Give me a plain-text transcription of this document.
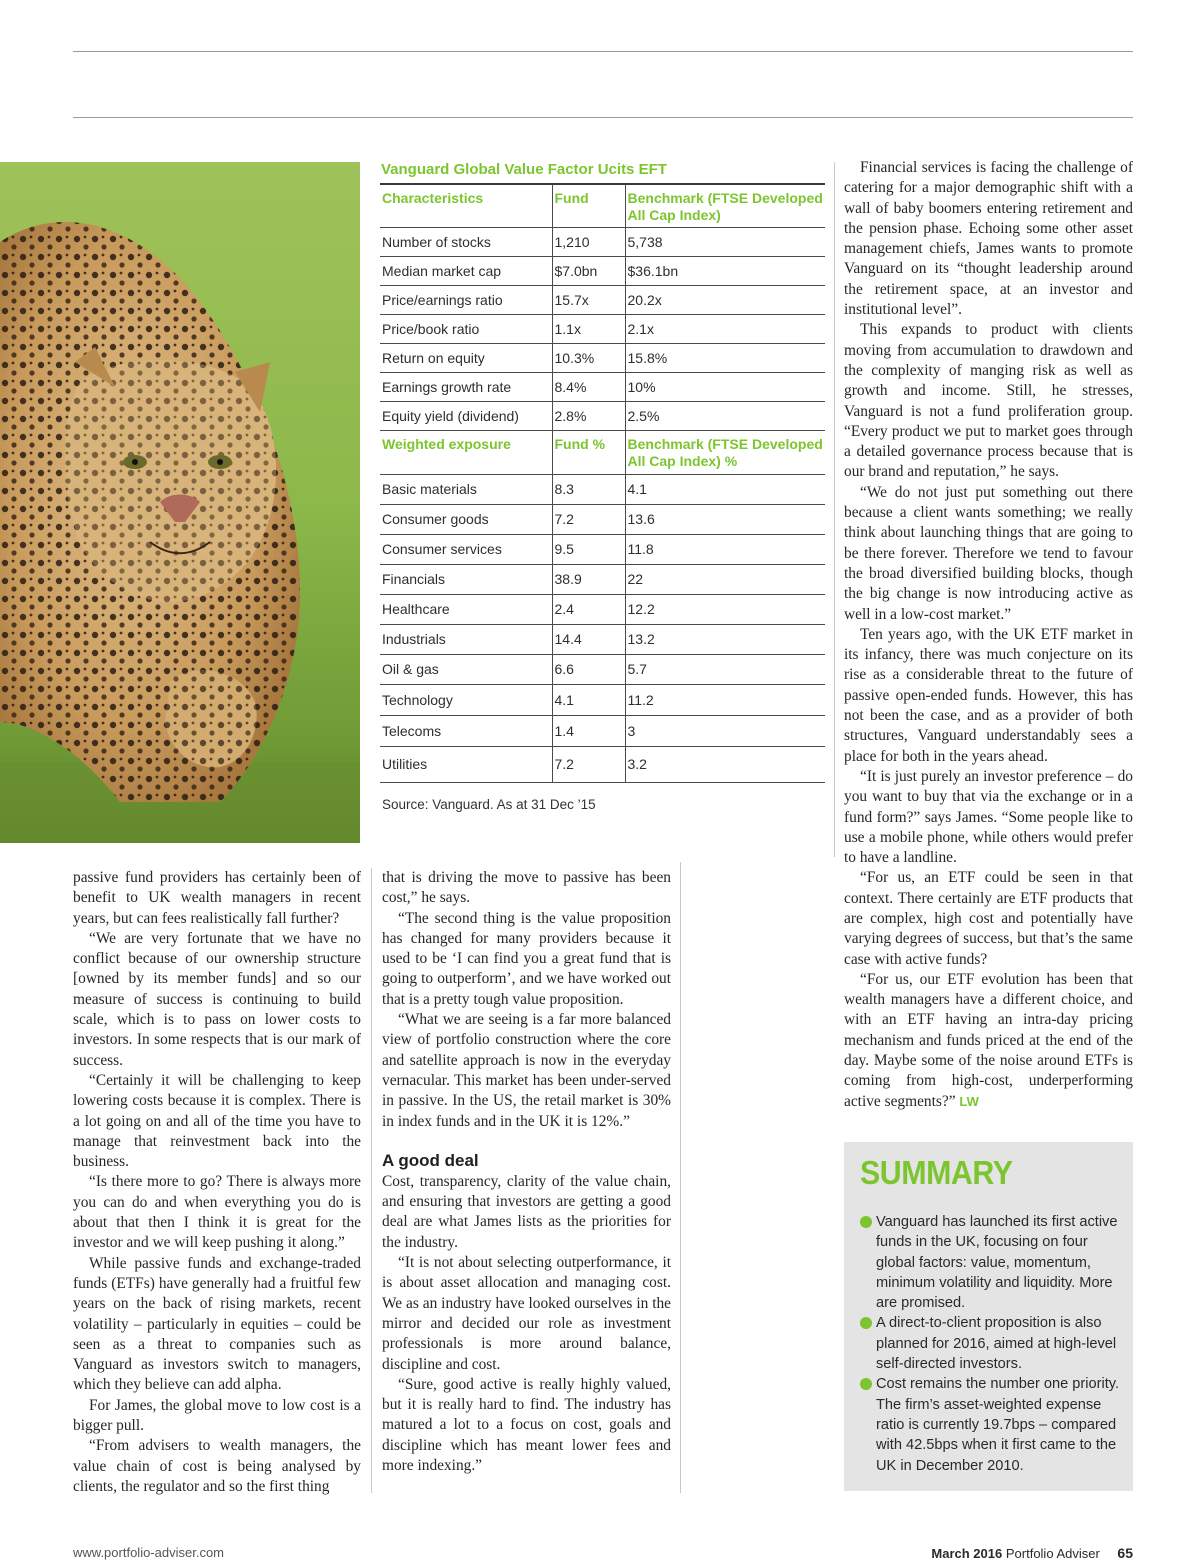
Vanguard Global Value Factor Ucits EFT
Characteristics	Fund	Benchmark (FTSE Developed All Cap Index)
Number of stocks	1,210	5,738
Median market cap	$7.0bn	$36.1bn
Price/earnings ratio	15.7x	20.2x
Price/book ratio	1.1x	2.1x
Return on equity	10.3%	15.8%
Earnings growth rate	8.4%	10%
Equity yield (dividend)	2.8%	2.5%
Weighted exposure	Fund %	Benchmark (FTSE Developed All Cap Index) %
Basic materials	8.3	4.1
Consumer goods	7.2	13.6
Consumer services	9.5	11.8
Financials	38.9	22
Healthcare	2.4	12.2
Industrials	14.4	13.2
Oil & gas	6.6	5.7
Technology	4.1	11.2
Telecoms	1.4	3
Utilities	7.2	3.2
Source: Vanguard. As at 31 Dec ’15

passive fund providers has certainly been of benefit to UK wealth managers in recent years, but can fees realistically fall further?

“We are very fortunate that we have no conflict because of our ownership structure [owned by its member funds] and so our measure of success is continuing to build scale, which is to pass on lower costs to investors. In some respects that is our mark of success.

“Certainly it will be challenging to keep lowering costs because it is complex. There is a lot going on and all of the time you have to manage that reinvestment back into the business.

“Is there more to go? There is always more you can do and when everything you do is about that then I think it is great for the investor and we will keep pushing it along.”

While passive funds and exchange-traded funds (ETFs) have generally had a fruitful few years on the back of rising markets, recent volatility – particularly in equities – could be seen as a threat to companies such as Vanguard as investors switch to managers, which they believe can add alpha.

For James, the global move to low cost is a bigger pull.

“From advisers to wealth managers, the value chain of cost is being analysed by clients, the regulator and so the first thing

that is driving the move to passive has been cost,” he says.

“The second thing is the value proposition has changed for many providers because it used to be ‘I can find you a great fund that is going to outperform’, and we have worked out that is a pretty tough value proposition.

“What we are seeing is a far more balanced view of portfolio construction where the core and satellite approach is now in the everyday vernacular. This market has been under-served in passive. In the US, the retail market is 30% in index funds and in the UK it is 12%.”

A good deal

Cost, transparency, clarity of the value chain, and ensuring that investors are getting a good deal are what James lists as the priorities for the industry.

“It is not about selecting outperformance, it is about asset allocation and managing cost. We as an industry have looked ourselves in the mirror and decided our role as investment professionals is more around balance, discipline and cost.

“Sure, good active is really highly valued, but it is really hard to find. The industry has matured a lot to a focus on cost, goals and discipline which has meant lower fees and more indexing.”

Financial services is facing the challenge of catering for a major demographic shift with a wall of baby boomers entering retirement and the pension phase. Echoing some other asset management chiefs, James wants to promote Vanguard on its “thought leadership around the retirement space, at an investor and institutional level”.

This expands to product with clients moving from accumulation to drawdown and the complexity of manging risk as well as growth and income. Still, he stresses, Vanguard is not a fund proliferation group. “Every product we put to market goes through a detailed governance process because that is our brand and reputation,” he says.

“We do not just put something out there because a client wants something; we really think about launching things that are going to be there forever. Therefore we tend to favour the broad diversified building blocks, though the big change is now introducing active as well in a low-cost market.”

Ten years ago, with the UK ETF market in its infancy, there was much conjecture on its rise as a considerable threat to the future of passive open-ended funds. However, this has not been the case, and as a provider of both structures, Vanguard understandably sees a place for both in the years ahead.

“It is just purely an investor preference – do you want to buy that via the exchange or in a fund form?” says James. “Some people like to use a mobile phone, while others would prefer to have a landline.

“For us, an ETF could be seen in that context. There certainly are ETF products that are complex, high cost and potentially have varying degrees of success, but that’s the same case with active funds?

“For us, our ETF evolution has been that wealth managers have a different choice, and with an ETF having an intra-day pricing mechanism and funds priced at the end of the day. Maybe some of the noise around ETFs is coming from high-cost, underperforming active segments?” LW

SUMMARY
Vanguard has launched its first active funds in the UK, focusing on four global factors: value, momentum, minimum volatility and liquidity. More are promised.
A direct-to-client proposition is also planned for 2016, aimed at high-level self-directed investors.
Cost remains the number one priority. The firm’s asset-weighted expense ratio is currently 19.7bps – compared with 42.5bps when it first came to the UK in December 2010.
www.portfolio-adviser.com	March 2016 Portfolio Adviser 65
